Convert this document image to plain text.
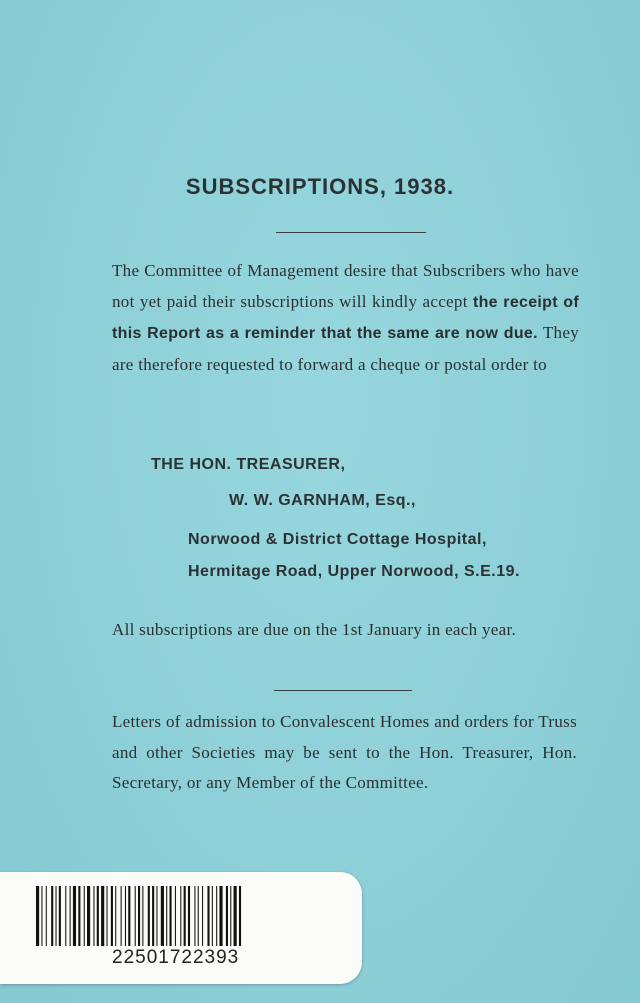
SUBSCRIPTIONS, 1938.
The Committee of Management desire that Subscribers who have not yet paid their subscriptions will kindly accept the receipt of this Report as a reminder that the same are now due. They are therefore requested to forward a cheque or postal order to
THE HON. TREASURER,
W. W. GARNHAM, Esq.,
Norwood & District Cottage Hospital,
Hermitage Road, Upper Norwood, S.E.19.
All subscriptions are due on the 1st January in each year.
Letters of admission to Convalescent Homes and orders for Truss and other Societies may be sent to the Hon. Treasurer, Hon. Secretary, or any Member of the Committee.
22501722393
